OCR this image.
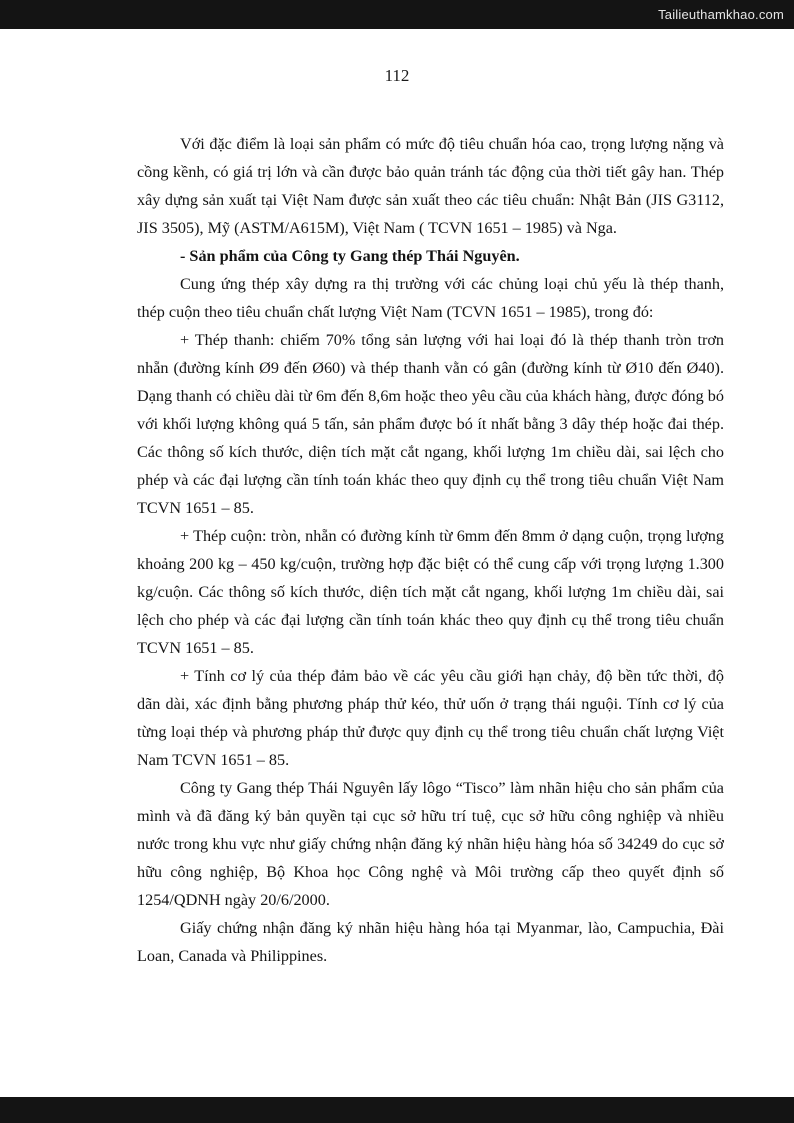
Tailieuthamkhao.com
112

Với đặc điểm là loại sản phẩm có mức độ tiêu chuẩn hóa cao, trọng lượng nặng và cồng kềnh, có giá trị lớn và cần được bảo quản tránh tác động của thời tiết gây han. Thép xây dựng sản xuất tại Việt Nam được sản xuất theo các tiêu chuẩn: Nhật Bản (JIS G3112, JIS 3505), Mỹ (ASTM/A615M), Việt Nam ( TCVN 1651 – 1985) và Nga.

- Sản phẩm của Công ty Gang thép Thái Nguyên.

Cung ứng thép xây dựng ra thị trường với các chủng loại chủ yếu là thép thanh, thép cuộn theo tiêu chuẩn chất lượng Việt Nam (TCVN 1651 – 1985), trong đó:

+ Thép thanh: chiếm 70% tổng sản lượng với hai loại đó là thép thanh tròn trơn nhẵn (đường kính Ø9 đến Ø60) và thép thanh vằn có gân (đường kính từ Ø10 đến Ø40). Dạng thanh có chiều dài từ 6m đến 8,6m hoặc theo yêu cầu của khách hàng, được đóng bó với khối lượng không quá 5 tấn, sản phẩm được bó ít nhất bằng 3 dây thép hoặc đai thép. Các thông số kích thước, diện tích mặt cắt ngang, khối lượng 1m chiều dài, sai lệch cho phép và các đại lượng cần tính toán khác theo quy định cụ thể trong tiêu chuẩn Việt Nam TCVN 1651 – 85.

+ Thép cuộn: tròn, nhẵn có đường kính từ 6mm đến 8mm ở dạng cuộn, trọng lượng khoảng 200 kg – 450 kg/cuộn, trường hợp đặc biệt có thể cung cấp với trọng lượng 1.300 kg/cuộn. Các thông số kích thước, diện tích mặt cắt ngang, khối lượng 1m chiều dài, sai lệch cho phép và các đại lượng cần tính toán khác theo quy định cụ thể trong tiêu chuẩn TCVN 1651 – 85.

+ Tính cơ lý của thép đảm bảo về các yêu cầu giới hạn chảy, độ bền tức thời, độ dãn dài, xác định bằng phương pháp thử kéo, thử uốn ở trạng thái nguội. Tính cơ lý của từng loại thép và phương pháp thử được quy định cụ thể trong tiêu chuẩn chất lượng Việt Nam TCVN 1651 – 85.

Công ty Gang thép Thái Nguyên lấy lôgo “Tisco” làm nhãn hiệu cho sản phẩm của mình và đã đăng ký bản quyền tại cục sở hữu trí tuệ, cục sở hữu công nghiệp và nhiều nước trong khu vực như giấy chứng nhận đăng ký nhãn hiệu hàng hóa số 34249 do cục sở hữu công nghiệp, Bộ Khoa học Công nghệ và Môi trường cấp theo quyết định số 1254/QDNH ngày 20/6/2000.

Giấy chứng nhận đăng ký nhãn hiệu hàng hóa tại Myanmar, lào, Campuchia, Đài Loan, Canada và Philippines.
